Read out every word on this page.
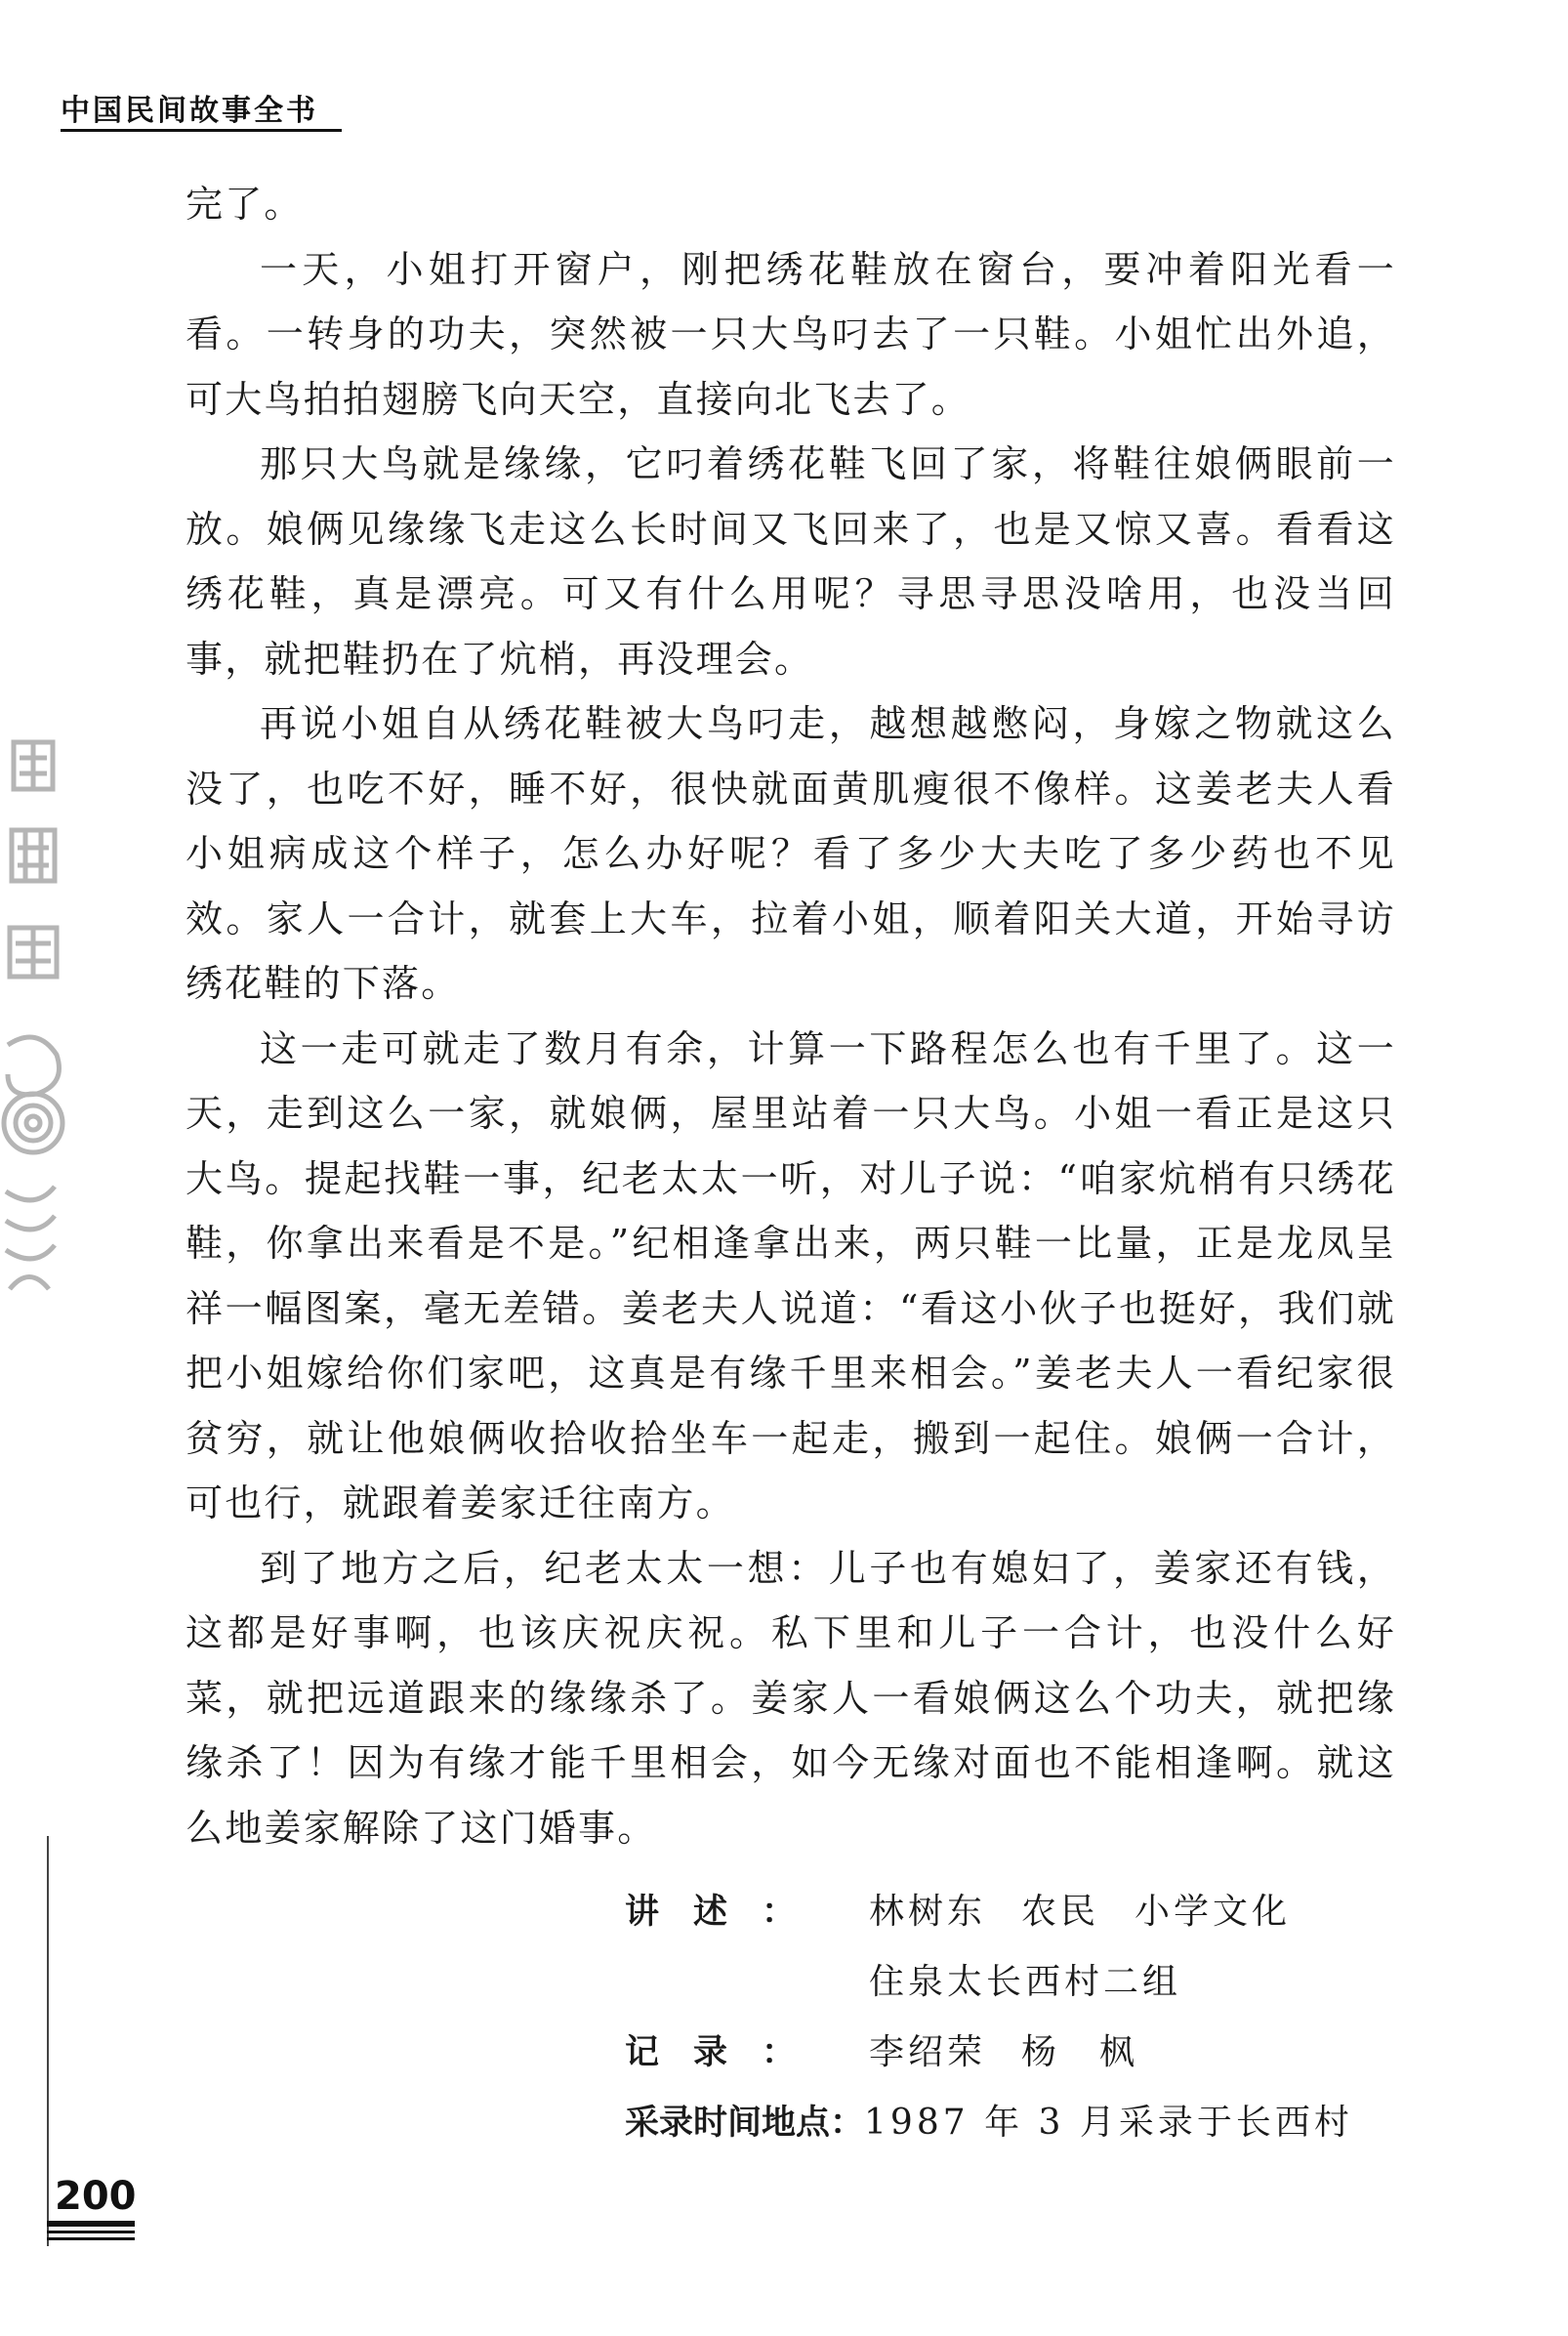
中国民间故事全书

完了。

一天，小姐打开窗户，刚把绣花鞋放在窗台，要冲着阳光看一看。一转身的功夫，突然被一只大鸟叼去了一只鞋。小姐忙出外追，可大鸟拍拍翅膀飞向天空，直接向北飞去了。

那只大鸟就是缘缘，它叼着绣花鞋飞回了家，将鞋往娘俩眼前一放。娘俩见缘缘飞走这么长时间又飞回来了，也是又惊又喜。看看这绣花鞋，真是漂亮。可又有什么用呢？寻思寻思没啥用，也没当回事，就把鞋扔在了炕梢，再没理会。

再说小姐自从绣花鞋被大鸟叼走，越想越憋闷，身嫁之物就这么没了，也吃不好，睡不好，很快就面黄肌瘦很不像样。这姜老夫人看小姐病成这个样子，怎么办好呢？看了多少大夫吃了多少药也不见效。家人一合计，就套上大车，拉着小姐，顺着阳关大道，开始寻访绣花鞋的下落。

这一走可就走了数月有余，计算一下路程怎么也有千里了。这一天，走到这么一家，就娘俩，屋里站着一只大鸟。小姐一看正是这只大鸟。提起找鞋一事，纪老太太一听，对儿子说：“咱家炕梢有只绣花鞋，你拿出来看是不是。”纪相逢拿出来，两只鞋一比量，正是龙凤呈祥一幅图案，毫无差错。姜老夫人说道：“看这小伙子也挺好，我们就把小姐嫁给你们家吧，这真是有缘千里来相会。”姜老夫人一看纪家很贫穷，就让他娘俩收拾收拾坐车一起走，搬到一起住。娘俩一合计，可也行，就跟着姜家迁往南方。

到了地方之后，纪老太太一想：儿子也有媳妇了，姜家还有钱，这都是好事啊，也该庆祝庆祝。私下里和儿子一合计，也没什么好菜，就把远道跟来的缘缘杀了。姜家人一看娘俩这么个功夫，就把缘缘杀了！因为有缘才能千里相会，如今无缘对面也不能相逢啊。就这么地姜家解除了这门婚事。

讲述：	林树东 农民 小学文化
住泉太长西村二组
记录：	李绍荣 杨　枫
采录时间地点： 1987 年 3 月采录于长西村
200
